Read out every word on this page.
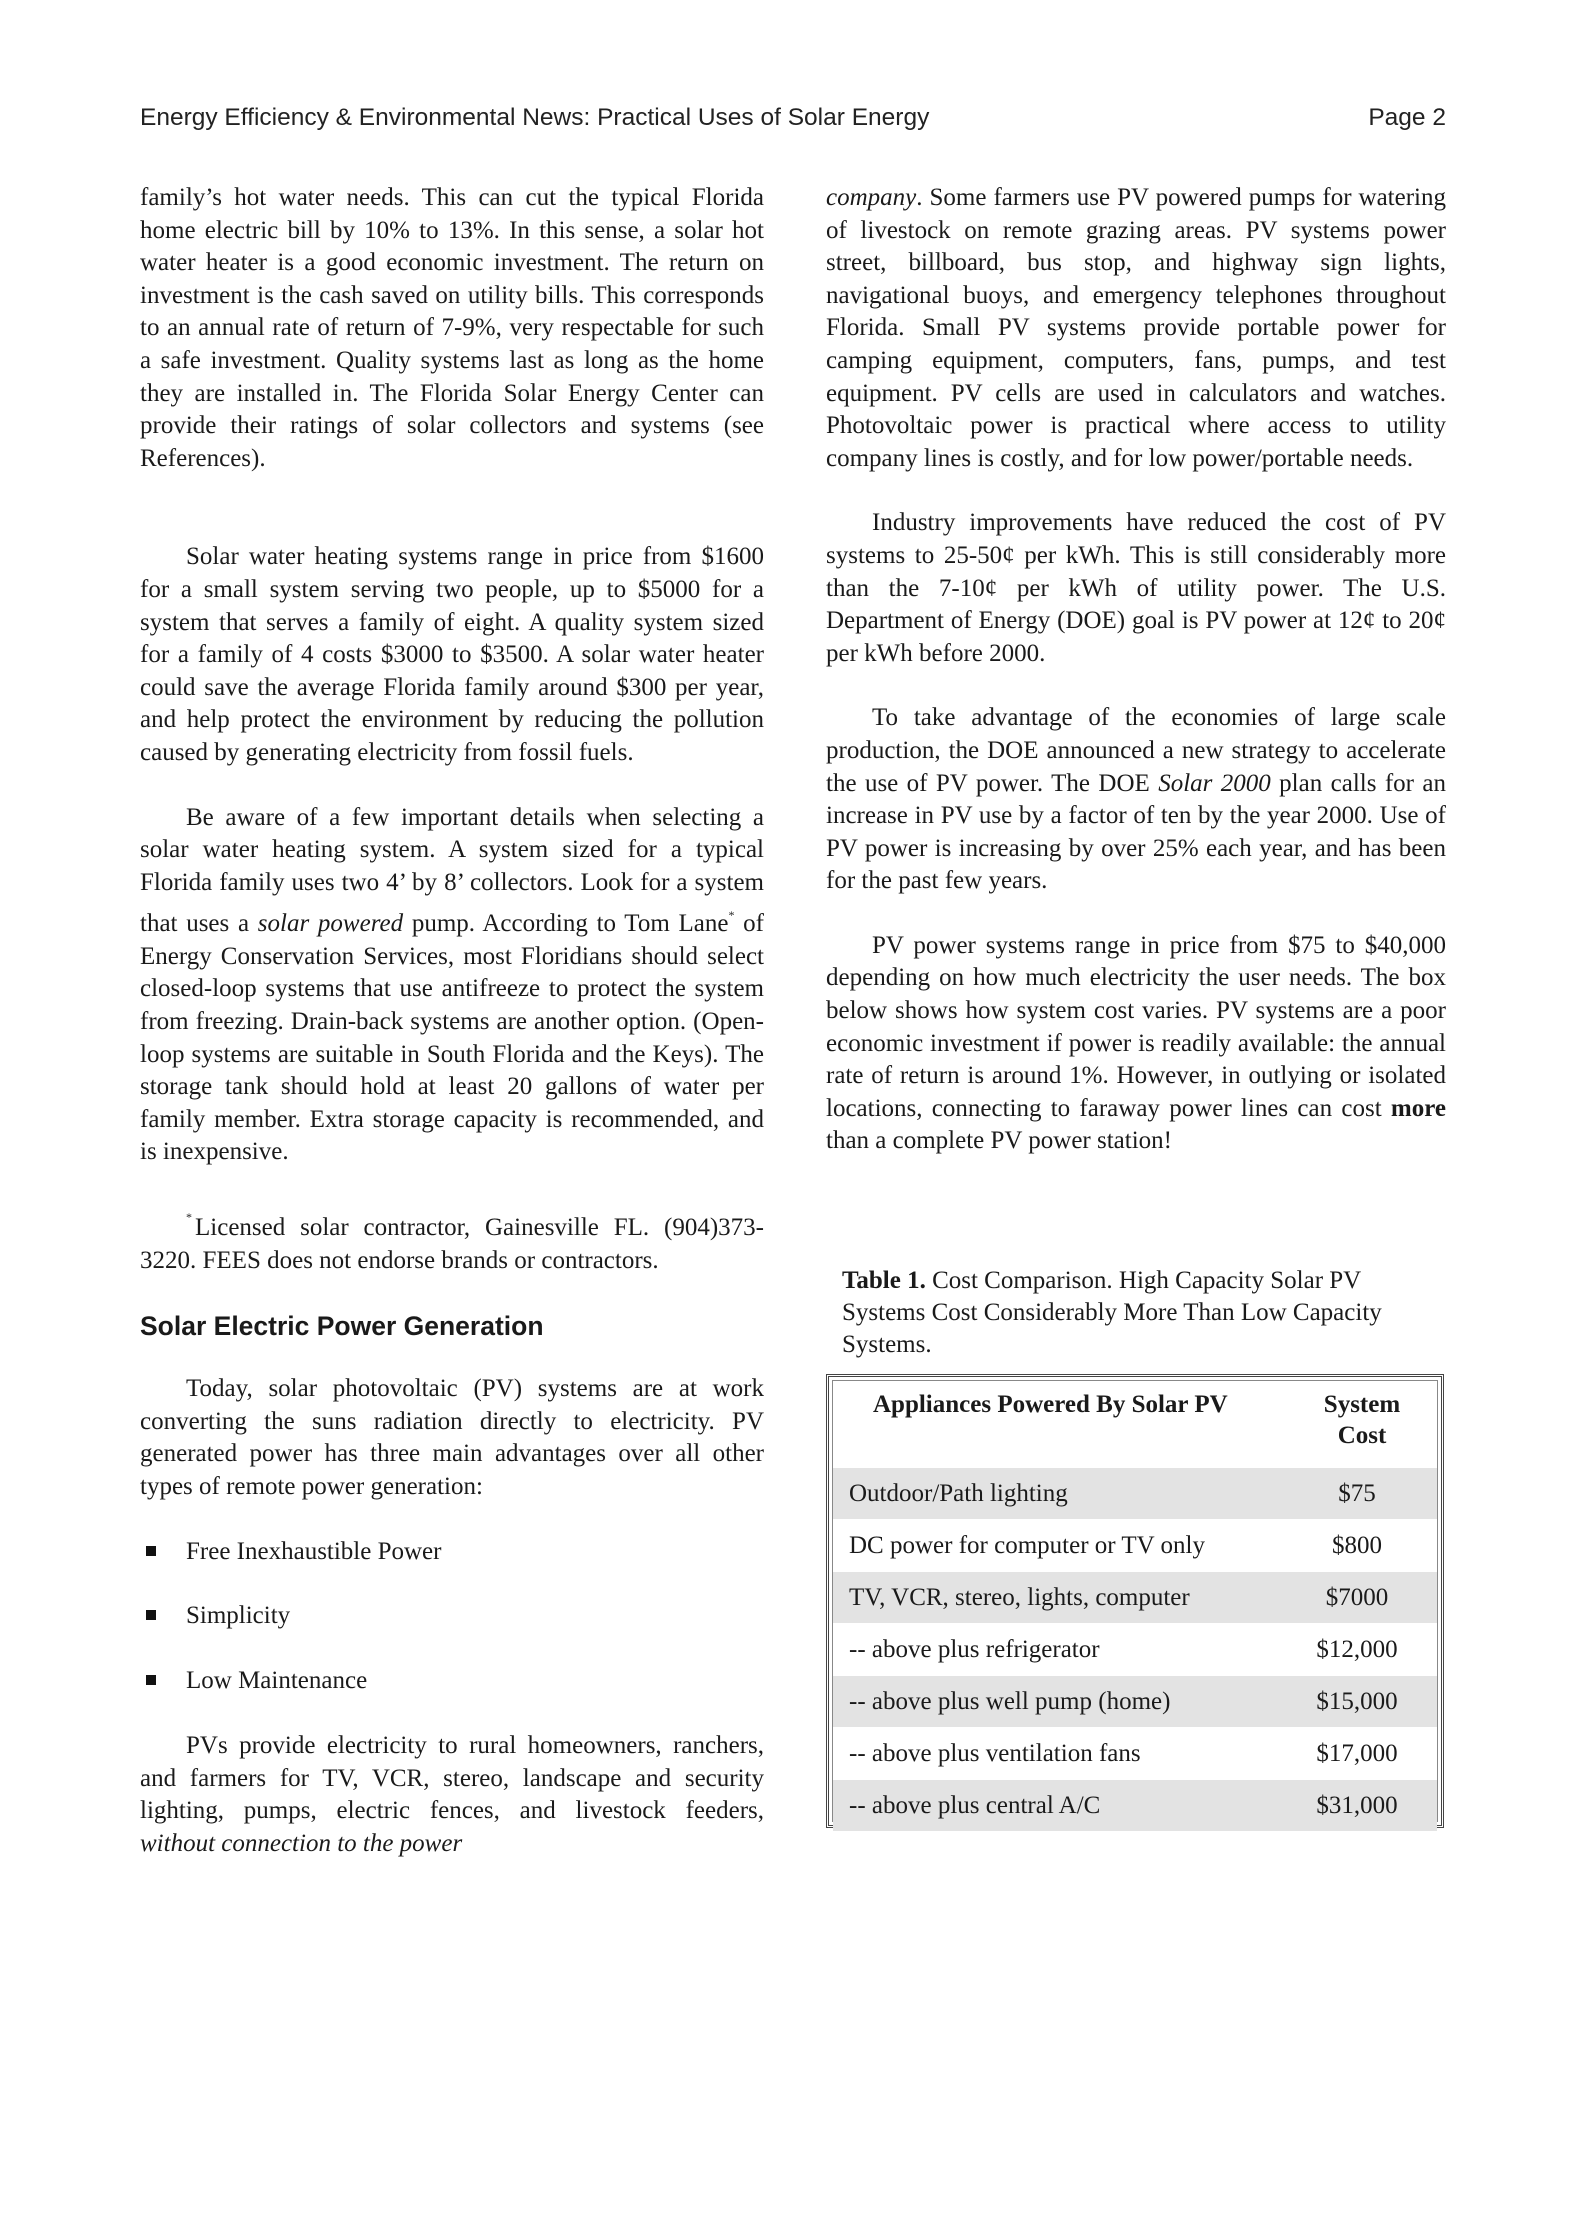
Energy Efficiency & Environmental News: Practical Uses of Solar Energy	Page 2

family’s hot water needs. This can cut the typical Florida home electric bill by 10% to 13%. In this sense, a solar hot water heater is a good economic investment. The return on investment is the cash saved on utility bills. This corresponds to an annual rate of return of 7-9%, very respectable for such a safe investment. Quality systems last as long as the home they are installed in. The Florida Solar Energy Center can provide their ratings of solar collectors and systems (see References).

Solar water heating systems range in price from $1600 for a small system serving two people, up to $5000 for a system that serves a family of eight. A quality system sized for a family of 4 costs $3000 to $3500. A solar water heater could save the average Florida family around $300 per year, and help protect the environment by reducing the pollution caused by generating electricity from fossil fuels.

Be aware of a few important details when selecting a solar water heating system. A system sized for a typical Florida family uses two 4’ by 8’ collectors. Look for a system that uses a solar powered pump. According to Tom Lane* of Energy Conservation Services, most Floridians should select closed-loop systems that use antifreeze to protect the system from freezing. Drain-back systems are another option. (Open-loop systems are suitable in South Florida and the Keys). The storage tank should hold at least 20 gallons of water per family member. Extra storage capacity is recommended, and is inexpensive.

* Licensed solar contractor, Gainesville FL. (904)373-3220. FEES does not endorse brands or contractors.

Solar Electric Power Generation

Today, solar photovoltaic (PV) systems are at work converting the suns radiation directly to electricity. PV generated power has three main advantages over all other types of remote power generation:

Free Inexhaustible Power
Simplicity
Low Maintenance

PVs provide electricity to rural homeowners, ranchers, and farmers for TV, VCR, stereo, landscape and security lighting, pumps, electric fences, and livestock feeders, without connection to the power

company. Some farmers use PV powered pumps for watering of livestock on remote grazing areas. PV systems power street, billboard, bus stop, and highway sign lights, navigational buoys, and emergency telephones throughout Florida. Small PV systems provide portable power for camping equipment, computers, fans, pumps, and test equipment. PV cells are used in calculators and watches. Photovoltaic power is practical where access to utility company lines is costly, and for low power/portable needs.

Industry improvements have reduced the cost of PV systems to 25-50¢ per kWh. This is still considerably more than the 7-10¢ per kWh of utility power. The U.S. Department of Energy (DOE) goal is PV power at 12¢ to 20¢ per kWh before 2000.

To take advantage of the economies of large scale production, the DOE announced a new strategy to accelerate the use of PV power. The DOE Solar 2000 plan calls for an increase in PV use by a factor of ten by the year 2000. Use of PV power is increasing by over 25% each year, and has been for the past few years.

PV power systems range in price from $75 to $40,000 depending on how much electricity the user needs. The box below shows how system cost varies. PV systems are a poor economic investment if power is readily available: the annual rate of return is around 1%. However, in outlying or isolated locations, connecting to faraway power lines can cost more than a complete PV power station!

Table 1. Cost Comparison. High Capacity Solar PV Systems Cost Considerably More Than Low Capacity Systems.
Appliances Powered By Solar PV	System Cost
Outdoor/Path lighting	$75
DC power for computer or TV only	$800
TV, VCR, stereo, lights, computer	$7000
-- above plus refrigerator	$12,000
-- above plus well pump (home)	$15,000
-- above plus ventilation fans	$17,000
-- above plus central A/C	$31,000
